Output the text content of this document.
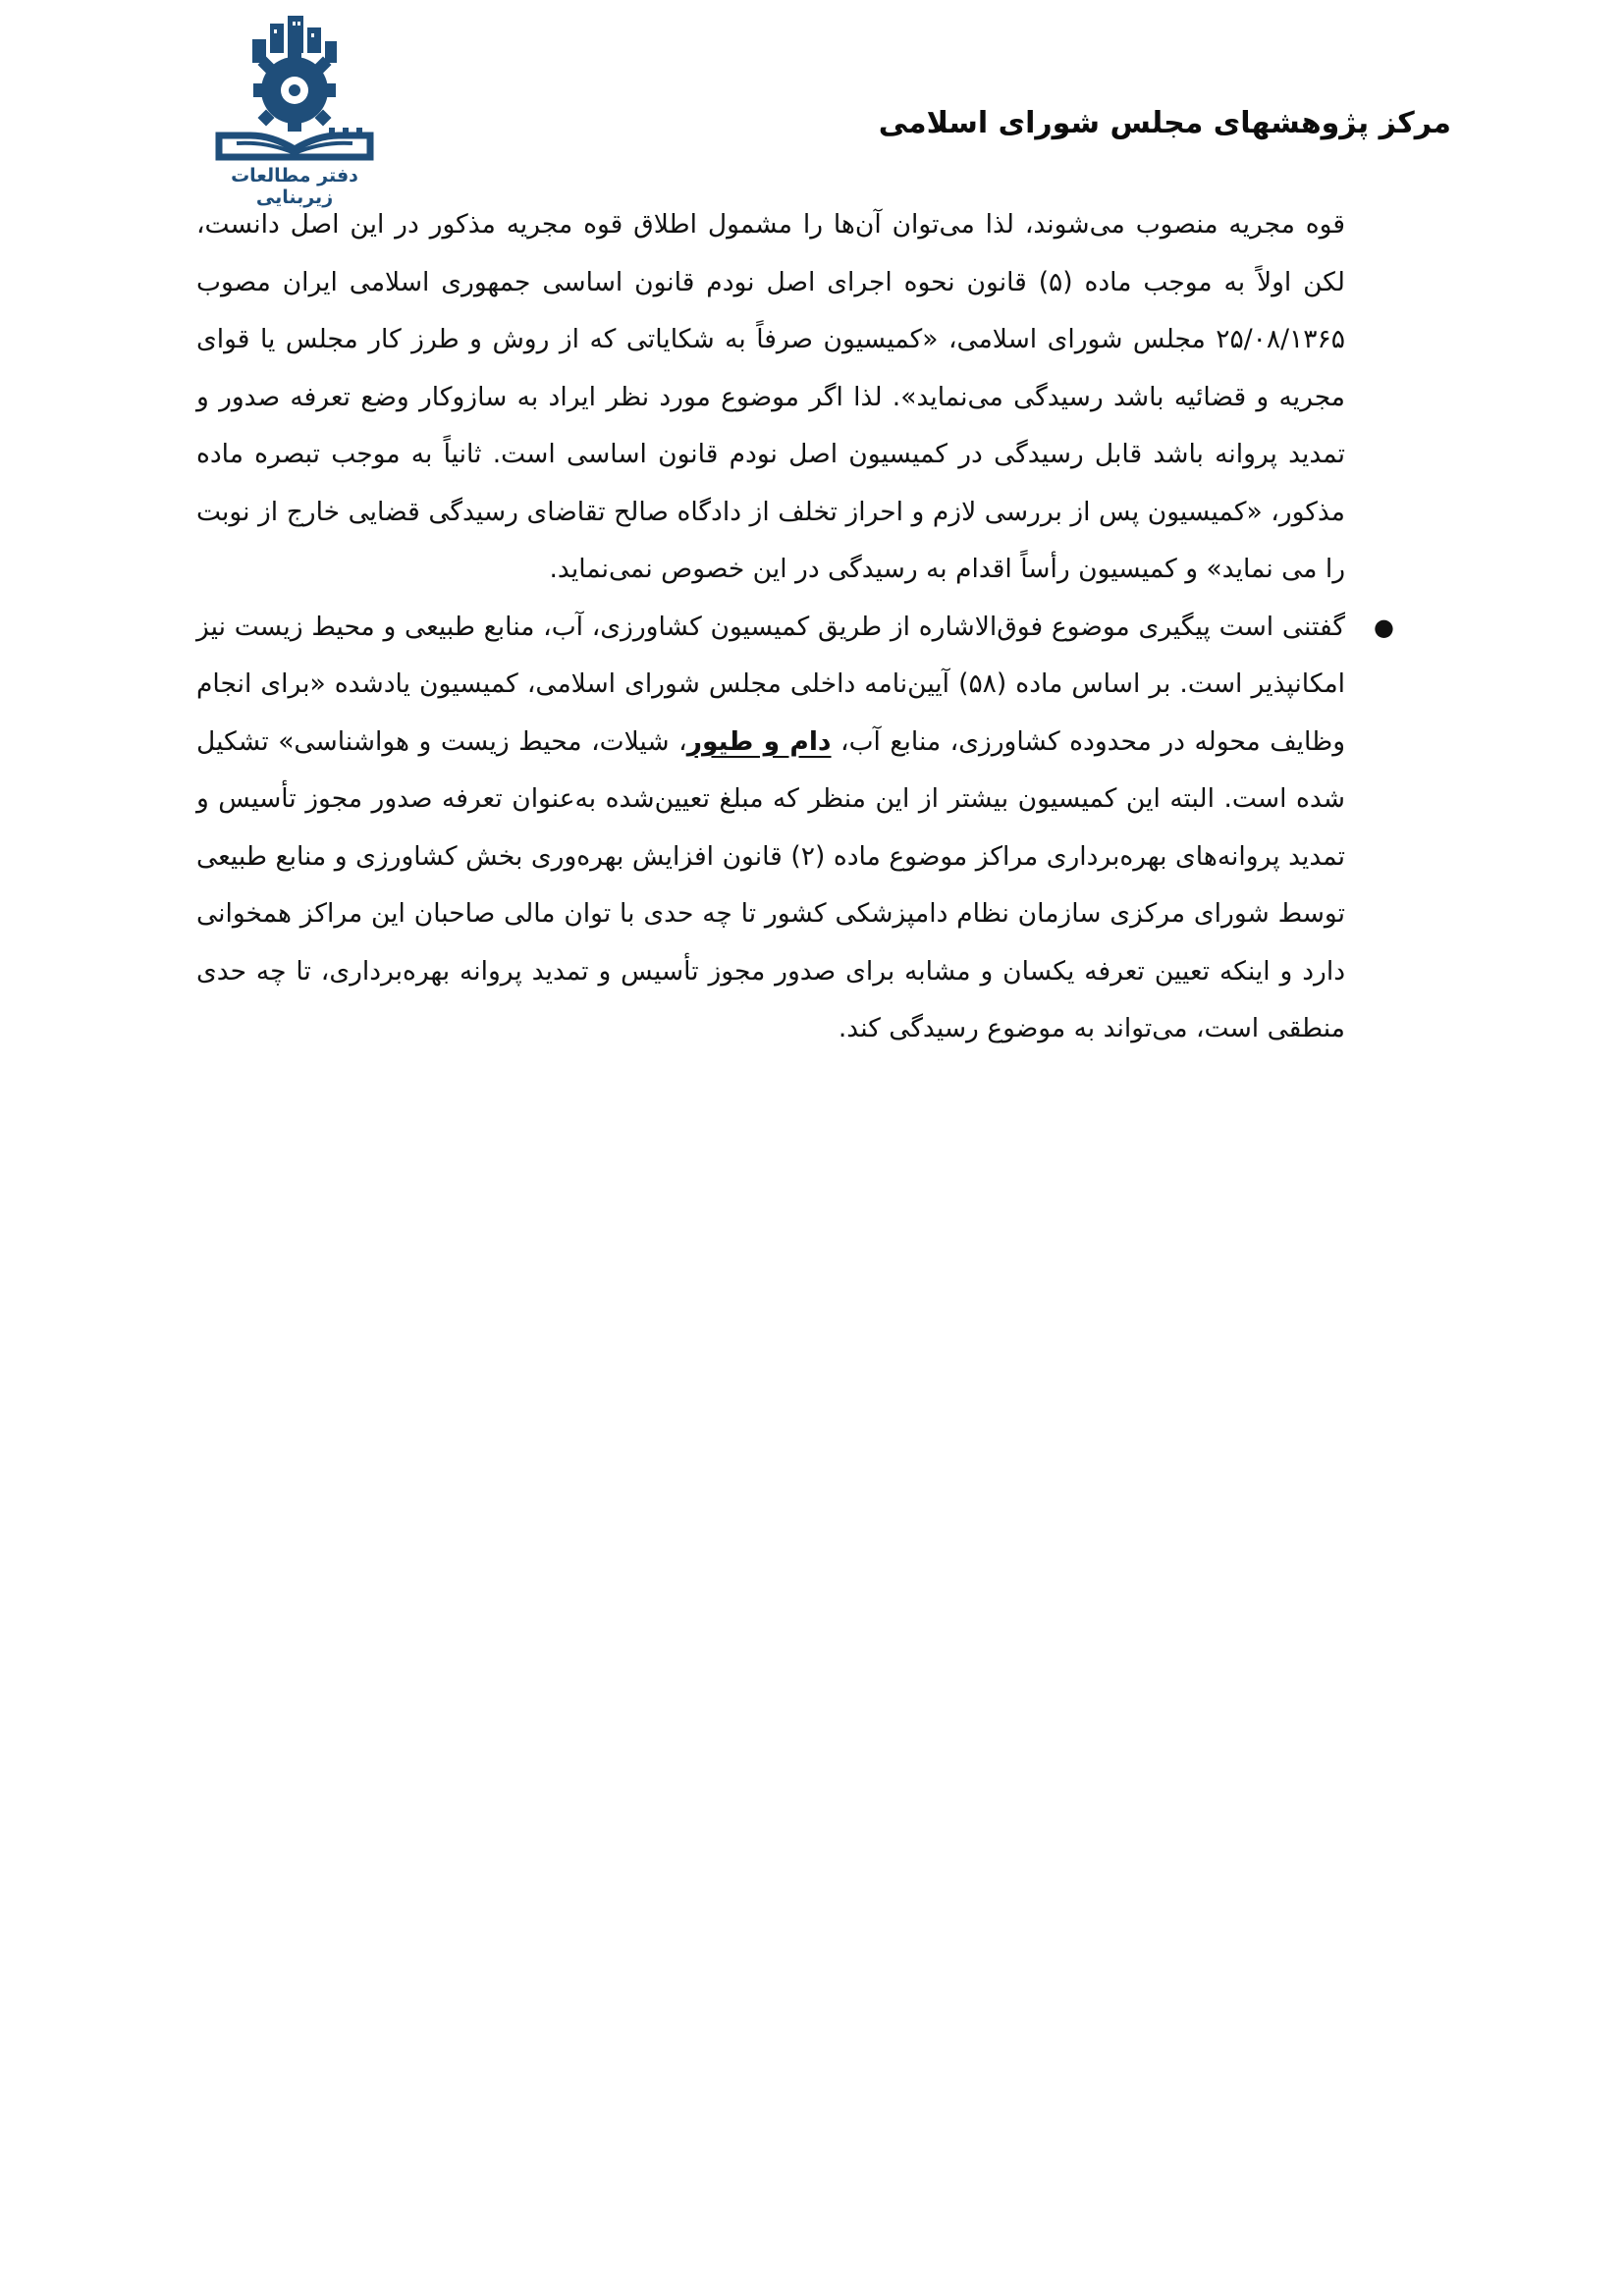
دفتر مطالعات زیربنایی
مرکز پژوهشهای مجلس شورای اسلامی

قوه مجریه منصوب می‌شوند، لذا می‌توان آن‌ها را مشمول اطلاق قوه مجریه مذکور در این اصل دانست، لکن اولاً به موجب ماده (۵) قانون نحوه اجرای اصل نودم قانون اساسی جمهوری اسلامی ایران مصوب ۲۵/۰۸/۱۳۶۵ مجلس شورای اسلامی، «کمیسیون صرفاً به شکایاتی که از روش و طرز کار مجلس یا قوای مجریه و قضائیه باشد رسیدگی می‌نماید». لذا اگر موضوع مورد نظر ایراد به سازوکار وضع تعرفه صدور و تمدید پروانه باشد قابل رسیدگی در کمیسیون اصل نودم قانون اساسی است. ثانیاً به موجب تبصره ماده مذکور، «کمیسیون پس از بررسی لازم و احراز تخلف از دادگاه صالح تقاضای رسیدگی قضایی خارج از نوبت را می نماید» و کمیسیون رأساً اقدام به رسیدگی در این خصوص نمی‌نماید.

●
گفتنی است پیگیری موضوع فوق‌الاشاره از طریق کمیسیون کشاورزی، آب، منابع طبیعی و محیط زیست نیز امکانپذیر است. بر اساس ماده (۵۸) آیین‌نامه داخلی مجلس شورای اسلامی، کمیسیون یادشده «برای انجام وظایف محوله در محدوده کشاورزی، منابع آب، دام و طیور، شیلات، محیط زیست و هواشناسی» تشکیل شده است. البته این کمیسیون بیشتر از این منظر که مبلغ تعیین‌شده به‌عنوان تعرفه صدور مجوز تأسیس و تمدید پروانه‌های بهره‌برداری مراکز موضوع ماده (۲) قانون افزایش بهره‌وری بخش کشاورزی و منابع طبیعی توسط شورای مرکزی سازمان نظام دامپزشکی کشور تا چه حدی با توان مالی صاحبان این مراکز همخوانی دارد و اینکه تعیین تعرفه یکسان و مشابه برای صدور مجوز تأسیس و تمدید پروانه بهره‌برداری، تا چه حدی منطقی است، می‌تواند به موضوع رسیدگی کند.
